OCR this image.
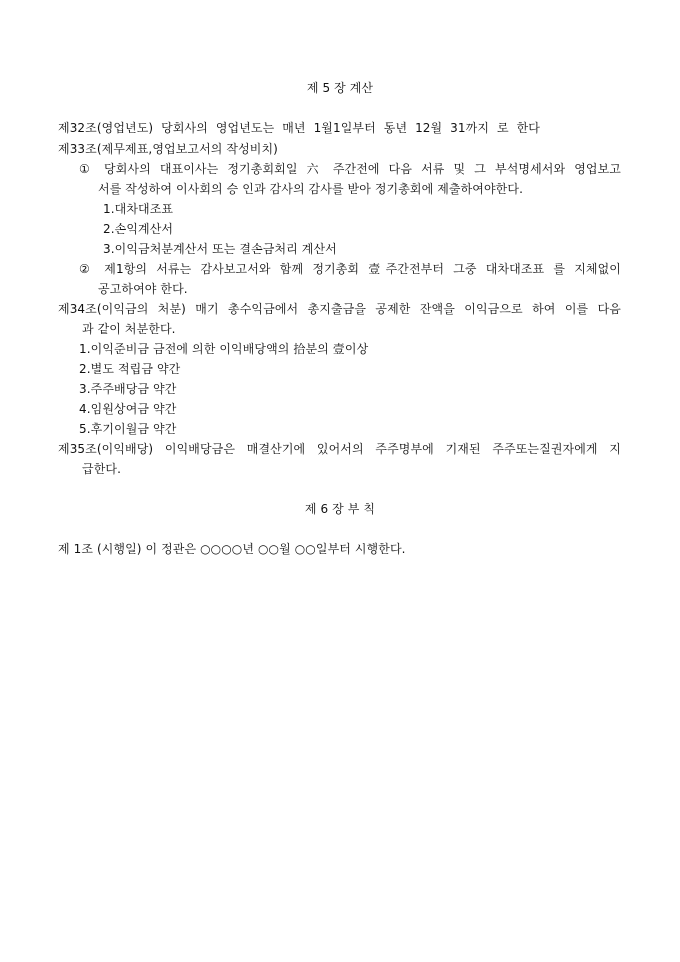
제 5 장 계산
제32조(영업년도) 당회사의 영업년도는 매년 1월1일부터 동년 12월 31까지 로 한다
제33조(제무제표,영업보고서의 작성비치)
① 당회사의 대표이사는 정기총회회일 六 주간전에 다음 서류 및 그 부석명세서와 영업보고
서를 작성하여 이사회의 승 인과 감사의 감사를 받아 정기총회에 제출하여야한다.
1.대차대조표
2.손익계산서
3.이익금처분계산서 또는 결손금처리 계산서
② 제1항의 서류는 감사보고서와 함께 정기총회 壹주간전부터 그중 대차대조표 를 지체없이
공고하여야 한다.
제34조(이익금의 처분) 매기 총수익금에서 총지출금을 공제한 잔액을 이익금으로 하여 이를 다음
과 같이 처분한다.
1.이익준비금 금전에 의한 이익배당액의 拾분의 壹이상
2.별도 적립금 약간
3.주주배당금 약간
4.임원상여금 약간
5.후기이월금 약간
제35조(이익배당) 이익배당금은 매결산기에 있어서의 주주명부에 기재된 주주또는질권자에게 지
급한다.
제 6 장 부 칙
제 1조 (시행일) 이 정관은 ○○○○년 ○○월 ○○일부터 시행한다.
